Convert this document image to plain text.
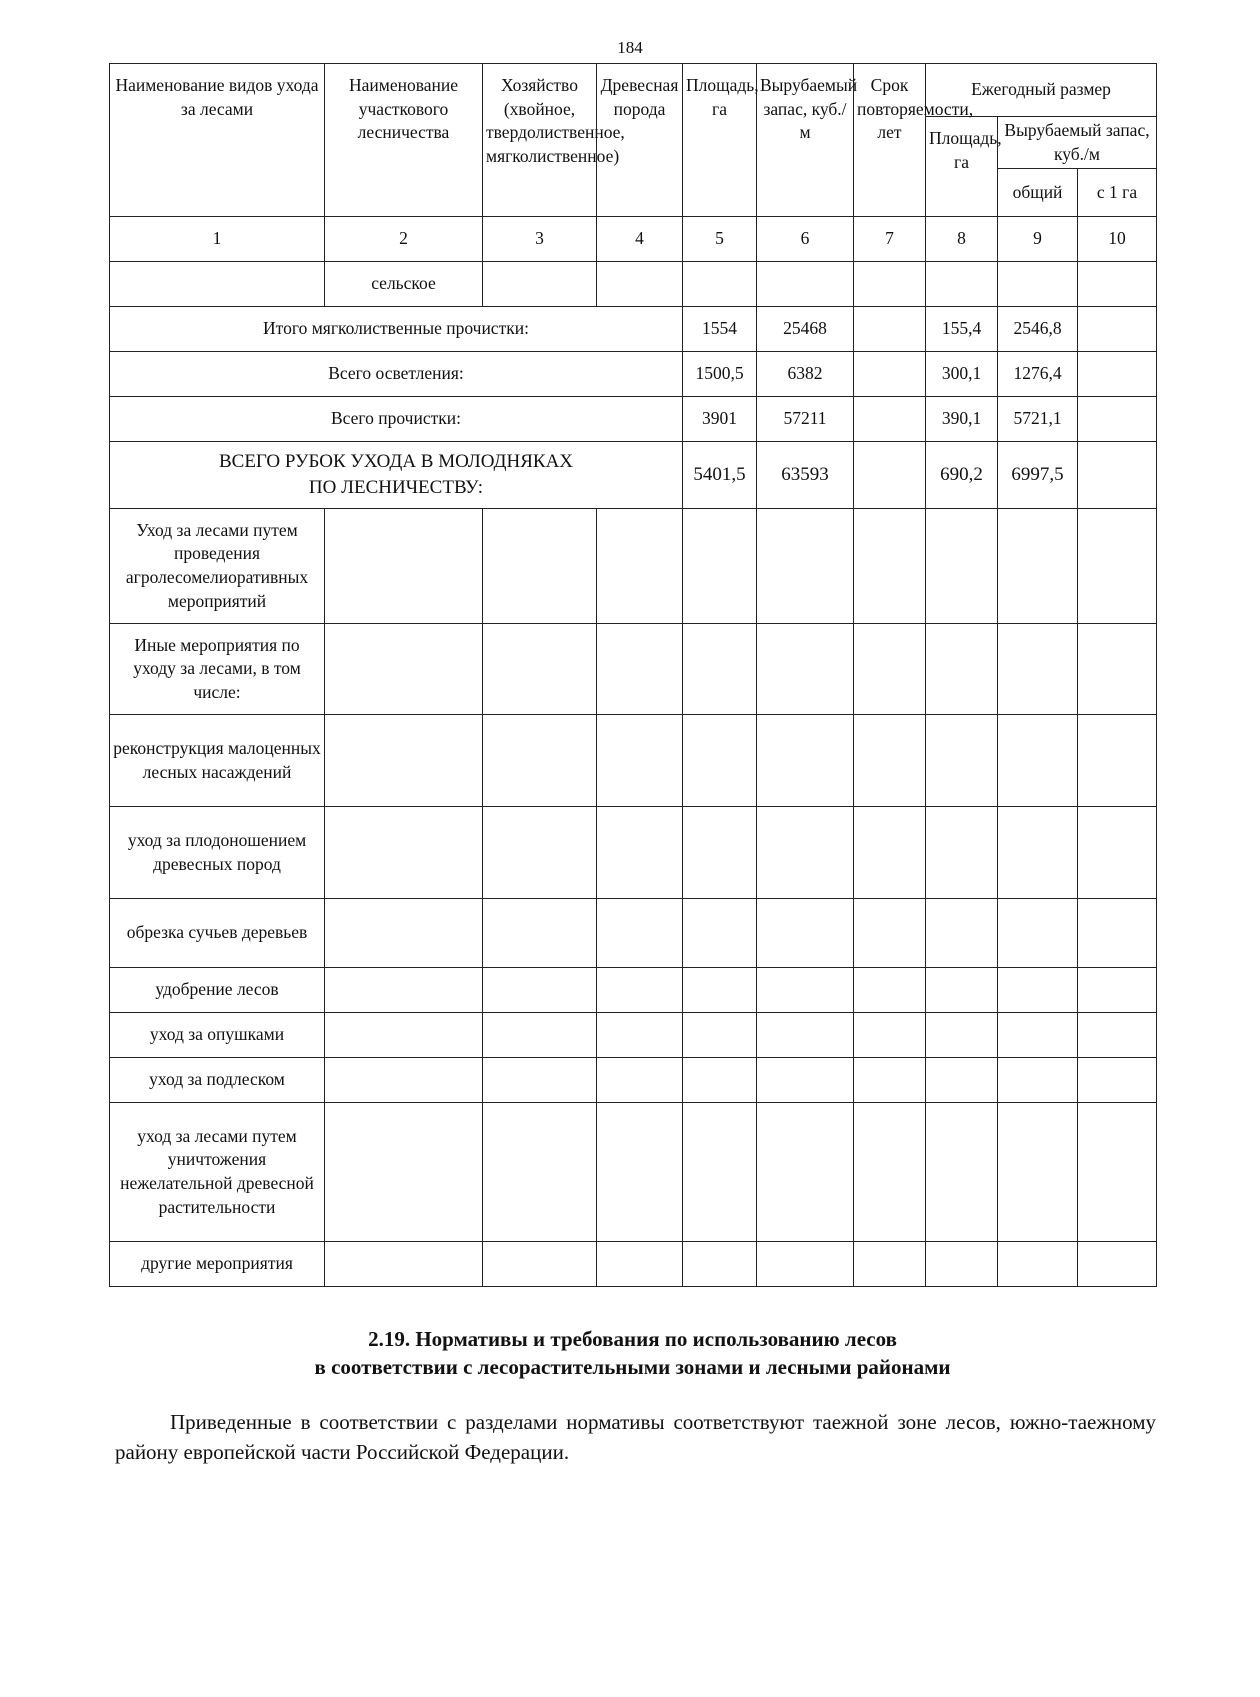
184
Наименование видов ухода за лесами	Наименование участкового лесничества	Хозяйство (хвойное, твердолиственное, мягколиственное)	Древесная порода	Площадь, га	Вырубаемый запас, куб./м	Срок повторяемости, лет	Ежегодный размер		
							Площадь, га	Вырубаемый запас, куб./м	
								общий	с 1 га
1	2	3	4	5	6	7	8	9	10
	сельское								
Итого мягколиственные прочистки:				1554	25468		155,4	2546,8	
Всего осветления:				1500,5	6382		300,1	1276,4	
Всего прочистки:				3901	57211		390,1	5721,1	

ВСЕГО РУБОК УХОДА В МОЛОДНЯКАХ
ПО ЛЕСНИЧЕСТВУ:				5401,5	63593		690,2	6997,5	
Уход за лесами путем проведения агролесомелиоративных мероприятий									
Иные мероприятия по уходу за лесами, в том числе:									
реконструкция малоценных лесных насаждений									
уход за плодоношением древесных пород									
обрезка сучьев деревьев									
удобрение лесов									
уход за опушками									
уход за подлеском									
уход за лесами путем уничтожения нежелательной древесной растительности									
другие мероприятия									
2.19. Нормативы и требования по использованию лесов
в соответствии с лесорастительными зонами и лесными районами
Приведенные в соответствии с разделами нормативы соответствуют таежной зоне лесов, южно-таежному району европейской части Российской Федерации.
